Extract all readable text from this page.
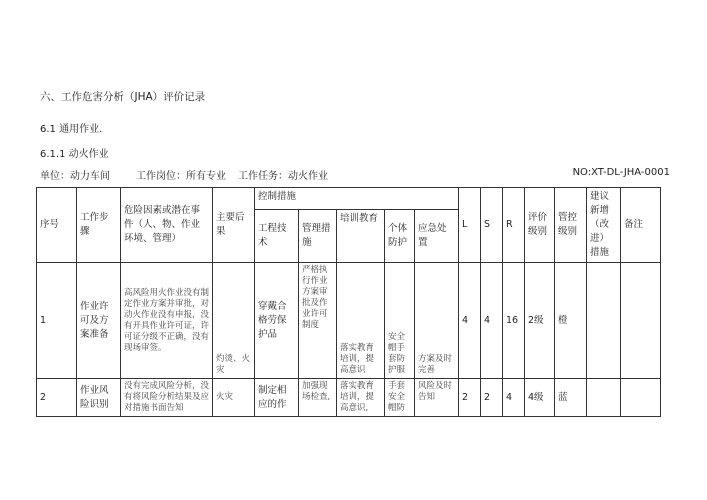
六、工作危害分析（JHA）评价记录
6.1 通用作业.
6.1.1 动火作业
单位：动力车间	工作岗位：所有专业 工作任务：动火作业	NO:XT-DL-JHA-0001
序号	工作步骤	危险因素或潜在事件（人、物、作业环境、管理）	主要后果	控制措施					L	S	R	评价级别	管控级别	建议新增（改进）措施	备注
				工程技术	管理措施	培训教育	个体防护	应急处置							
1	作业许可及方案准备	高风险用火作业没有制定作业方案并审批，对动火作业没有申报，没有开具作业许可证，许可证分级不正确，没有现场审签。	灼烫、火灾	穿戴合格劳保护品	严格执行作业方案审批及作业许可制度	落实教育培训，提高意识	安全帽手套防护服	方案及时完善	4	4	16	2级	橙		
2	作业风险识别	没有完成风险分析，没有将风险分析结果及应对措施书面告知	火灾	制定相应的作	加强现场检查,	落实教育培训，提高意识,	手套安全帽防	风险及时告知	2	2	4	4级	蓝		
